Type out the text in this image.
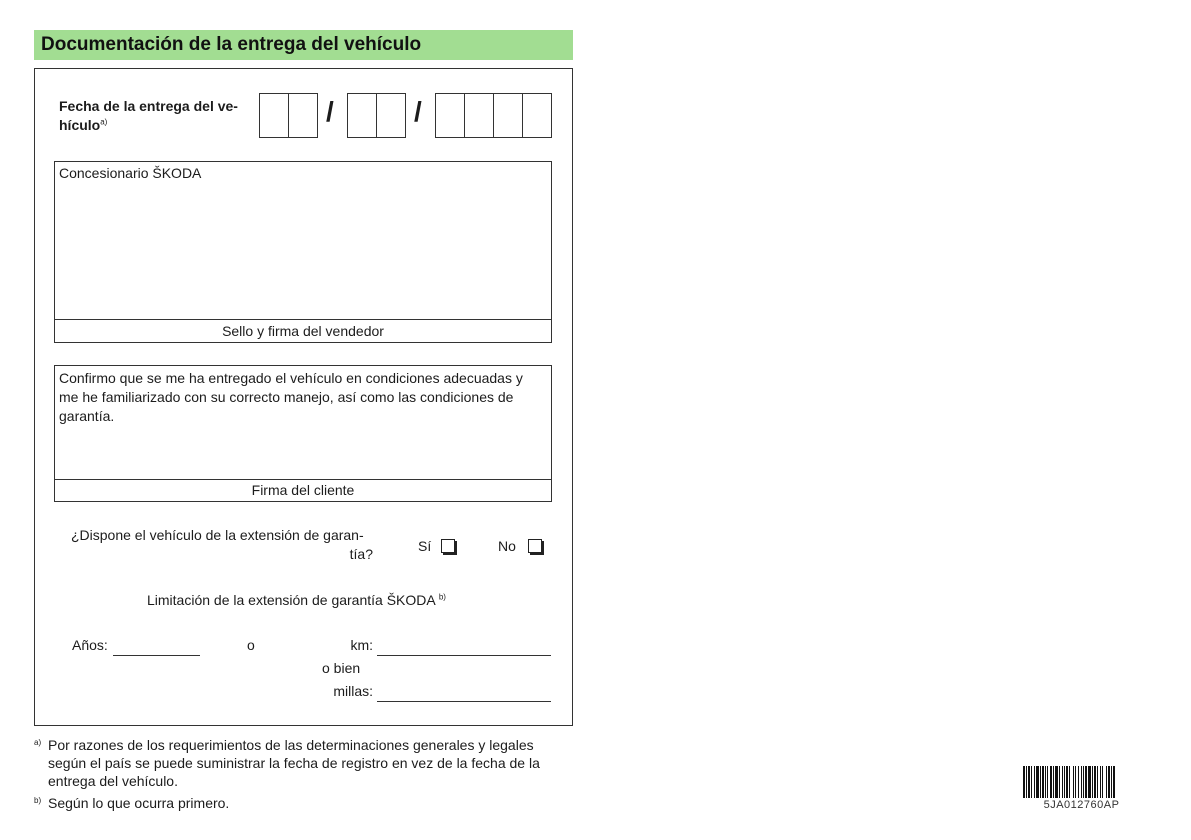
Documentación de la entrega del vehículo
Fecha de la entrega del ve-
hículo$^{a)}$	/	/
Concesionario ŠKODA
Sello y firma del vendedor
Confirmo que se me ha entregado el vehículo en condiciones adecuadas y me he familiarizado con su correcto manejo, así como las condiciones de garantía.
Firma del cliente
¿Dispone el vehículo de la extensión de garan-
tía?	Sí	No
Limitación de la extensión de garantía ŠKODA $^{b)}$
Años:	o	km:
o bien
millas:
a) Por razones de los requerimientos de las determinaciones generales y legales según el país se puede suministrar la fecha de registro en vez de la fecha de la entrega del vehículo.
b) Según lo que ocurra primero.	5JA012760AP
